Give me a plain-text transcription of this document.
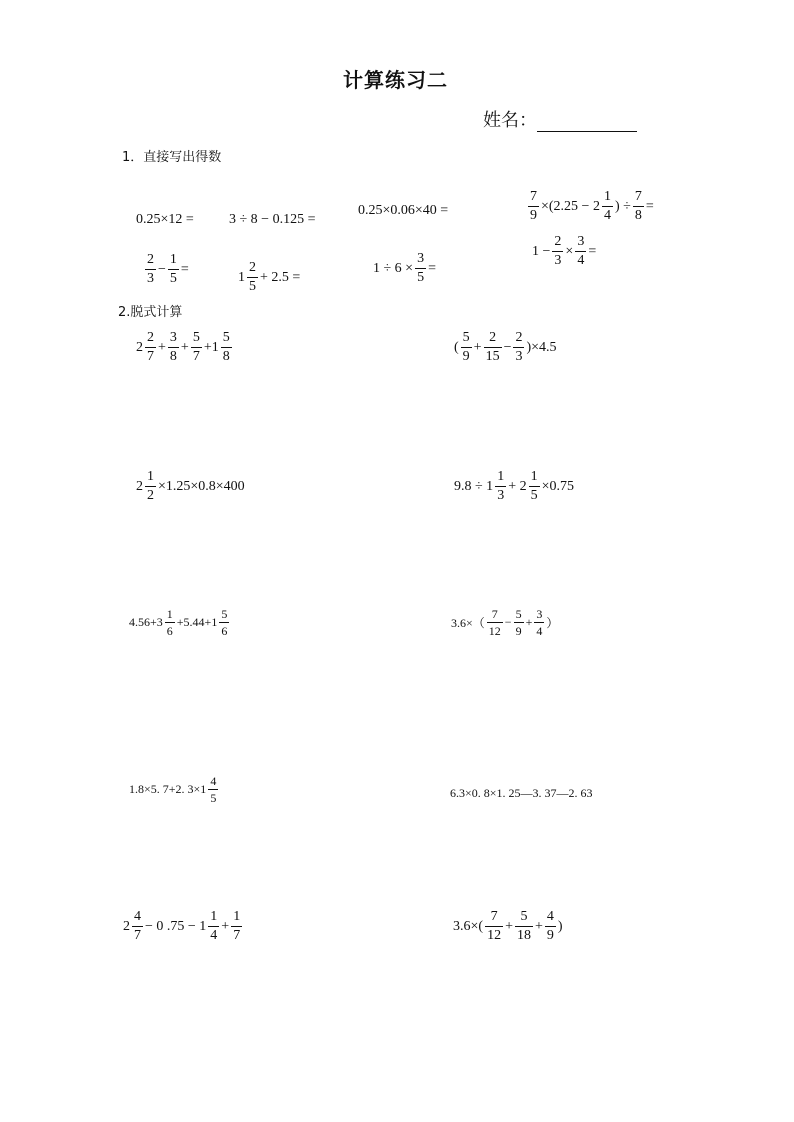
计算练习二
姓名：
1．直接写出得数
0.25×12 =	3 ÷ 8 − 0.125 =
0.25×0.06×40 =	$\frac{7}{9} \times(2.25 - 2 \frac{1}{4}$ ) ÷ $\frac{7}{8}$ =
$1 - \frac{2}{3} \times \frac{3}{4}$ =
$\frac{2}{3} - \frac{1}{5}$ =
$1 \frac{2}{5} + 2.5$ =
$1 \div 6 \times \frac{3}{5}$ =
2.脱式计算
$2 \frac{2}{7} + \frac{3}{8} + \frac{5}{7} +1 \frac{5}{8}$	( $\frac{5}{9} + \frac{2}{15} - \frac{2}{3} )\times 4.5$
$2 \frac{1}{2} \times 1.25\times 0.8\times 400$	$9.8 \div 1 \frac{1}{3} + 2 \frac{1}{5} \times 0.75$
$4.56+3 \frac{1}{6} +5.44+1 \frac{5}{6}$	$3.6\times( \frac{7}{12} - \frac{5}{9} + \frac{3}{4}$ ）
1.8×5. 7+2. $3\times 1 \frac{4}{5}$	6.3×0. 8×1. 25—3. 37—2. 63
$2 \frac{4}{7} - 0$ $.75 - 1 \frac{1}{4} + \frac{1}{7}$	$3.6\times( \frac{7}{12} + \frac{5}{18} + \frac{4}{9}$ )
